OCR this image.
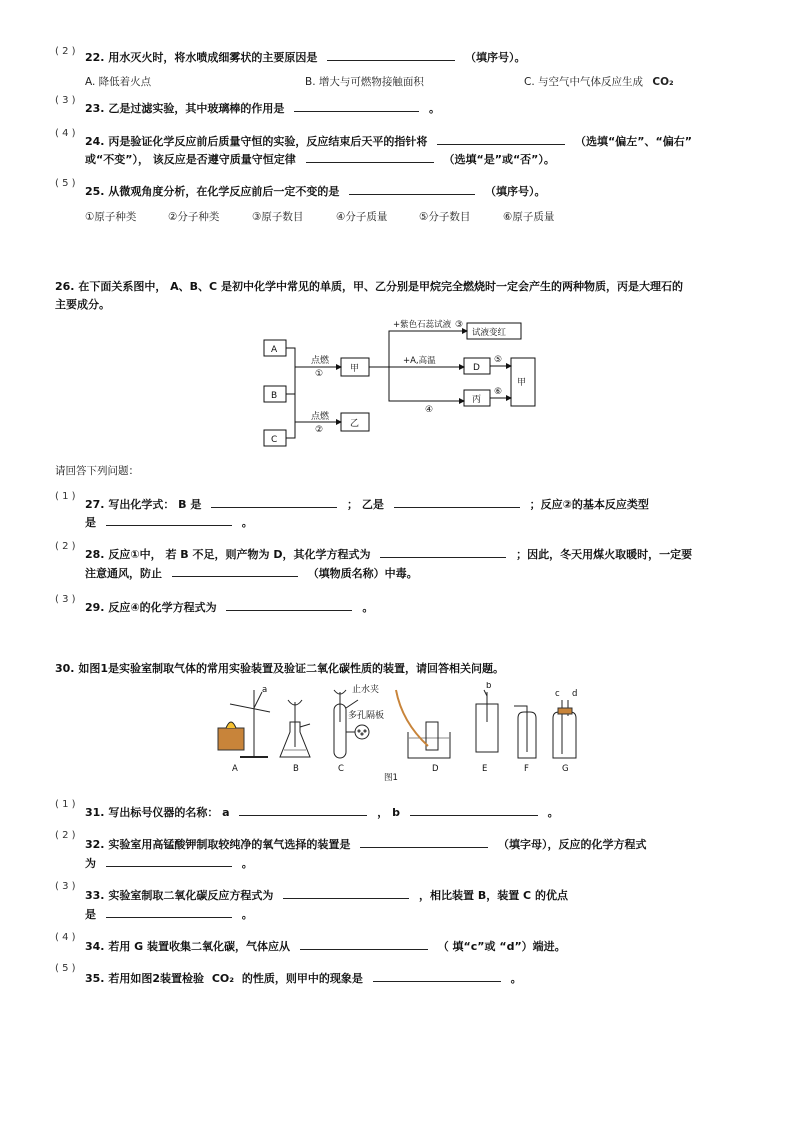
( 2 ) 22. 用水灭火时，将水喷成细雾状的主要原因是	（填序号）。
A. 降低着火点	B. 增大与可燃物接触面积	C. 与空气中气体反应生成 CO₂
( 3 )
23. 乙是过滤实验，其中玻璃棒的作用是	。
( 4 )
24. 丙是验证化学反应前后质量守恒的实验，反应结束后天平的指针将	（选填“偏左”、“偏右”
或“不变”）， 该反应是否遵守质量守恒定律	（选填“是”或“否”）。
( 5 )
25. 从微观角度分析，在化学反应前后一定不变的是	（填序号）。
①原子种类	②分子种类	③原子数目	④分子质量	⑤分子数目	⑥原子质量
26. 在下面关系图中， A、B、C 是初中化学中常见的单质，甲、乙分别是甲烷完全燃烧时一定会产生的两种物质，丙是大理石的
主要成分。
A
B
C
甲
乙
点燃
①
点燃
②
+紫色石蕊试液 ③
试液变红
+A,高温
D
丙
甲
⑤
⑥
④
请回答下列问题：
( 1 )
27. 写出化学式： B 是	； 乙是	；反应②的基本反应类型
是	。
( 2 )
28. 反应①中， 若 B 不足，则产物为 D，其化学方程式为	；因此，冬天用煤火取暖时，一定要
注意通风，防止	（填物质名称）中毒。
( 3 )
29. 反应④的化学方程式为	。
30. 如图1是实验室制取气体的常用实验装置及验证二氧化碳性质的装置，请回答相关问题。
a	b
c d
止水夹
多孔隔板
A	B	C	D	E	F	G
图1
( 1 )
31. 写出标号仪器的名称： a	， b	。
( 2 )
32. 实验室用高锰酸钾制取较纯净的氧气选择的装置是	（填字母），反应的化学方程式
为	。
( 3 )
33. 实验室制取二氧化碳反应方程式为	，相比装置 B，装置 C 的优点
是	。
( 4 )
34. 若用 G 装置收集二氧化碳，气体应从	（ 填“c”或 “d”）端进。
( 5 )
35. 若用如图2装置检验 CO₂ 的性质，则甲中的现象是	。
